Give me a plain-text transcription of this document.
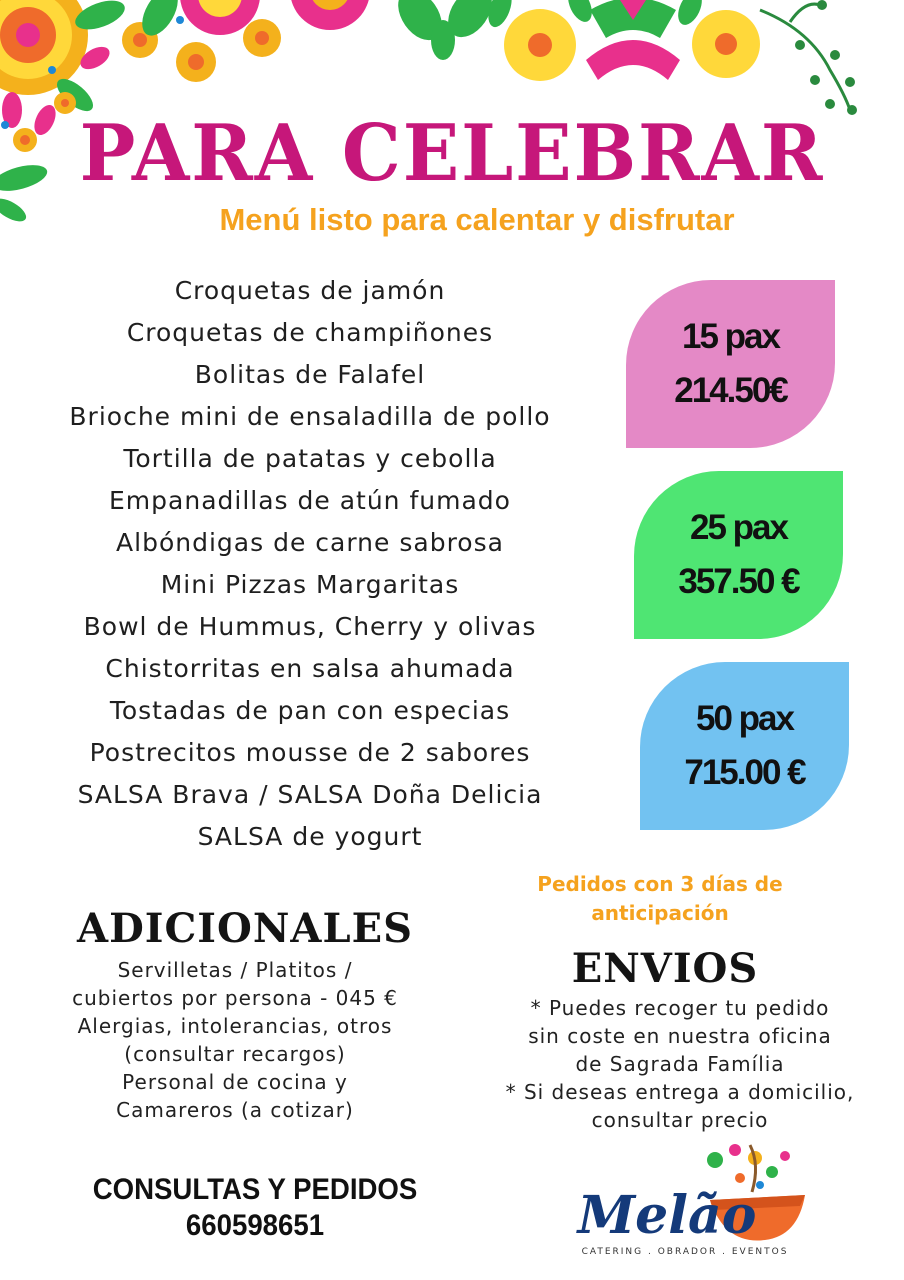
PARA CELEBRAR
Menú listo para calentar y disfrutar
Croquetas de jamón
Croquetas de champiñones
Bolitas de Falafel
Brioche mini de ensaladilla de pollo
Tortilla de patatas y cebolla
Empanadillas de atún fumado
Albóndigas de carne sabrosa
Mini Pizzas Margaritas
Bowl de Hummus, Cherry y olivas
Chistorritas en salsa ahumada
Tostadas de pan con especias
Postrecitos mousse de 2 sabores
SALSA Brava / SALSA Doña Delicia
SALSA de yogurt
15 pax
214.50€
25 pax
357.50 €
50 pax
715.00 €
Pedidos con 3 días de
anticipación
ADICIONALES
Servilletas / Platitos /
cubiertos por persona - 045 €
Alergias, intolerancias, otros
(consultar recargos)
Personal de cocina y
Camareros (a cotizar)
ENVIOS
* Puedes recoger tu pedido
sin coste en nuestra oficina
de Sagrada Família
* Si deseas entrega a domicilio,
consultar precio
CONSULTAS Y PEDIDOS
660598651	Melão
CATERING . OBRADOR . EVENTOS
